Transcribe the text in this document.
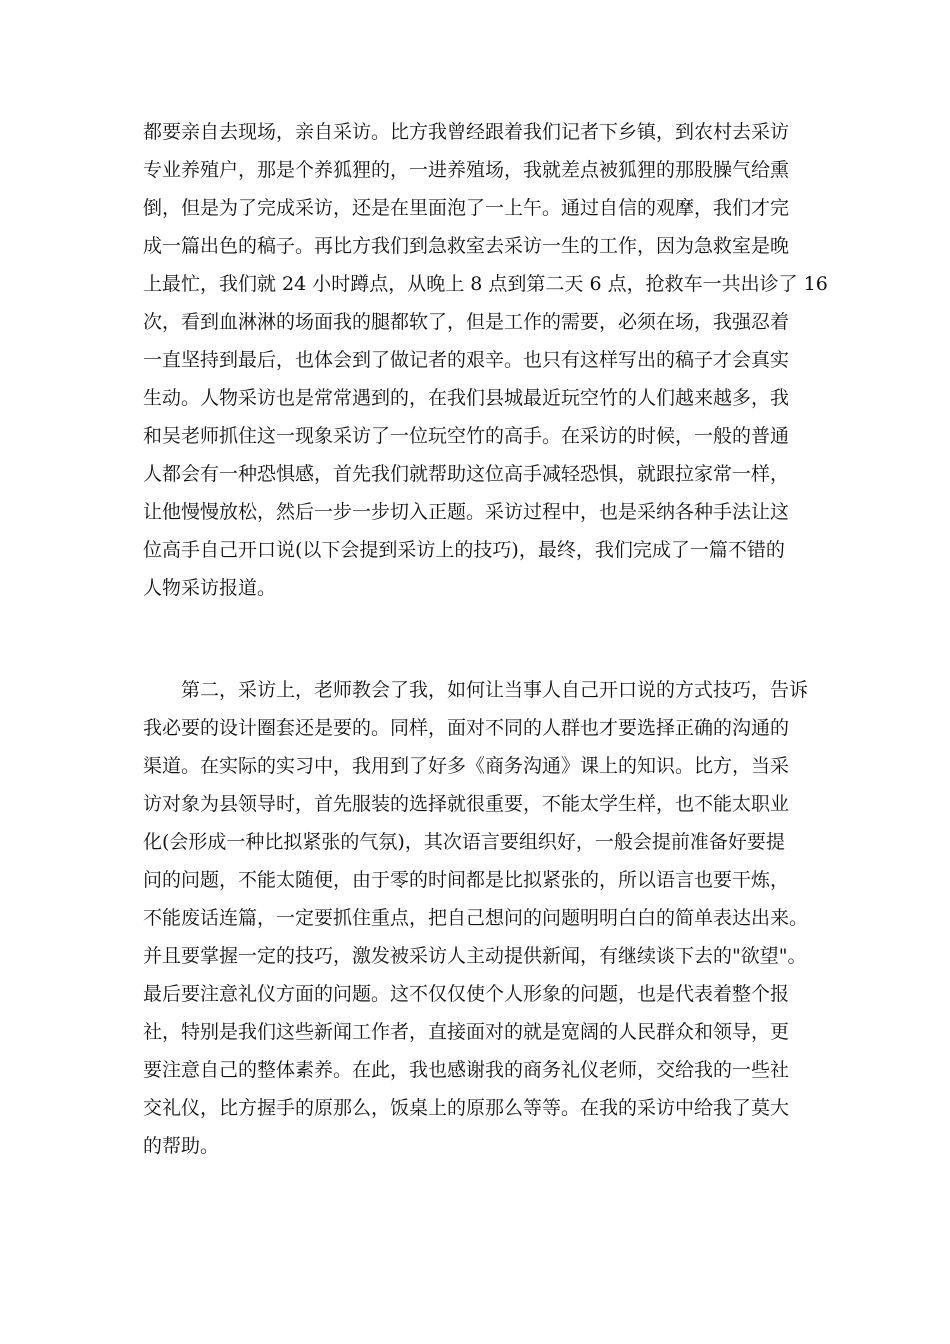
都要亲自去现场，亲自采访。比方我曾经跟着我们记者下乡镇，到农村去采访
专业养殖户，那是个养狐狸的，一进养殖场，我就差点被狐狸的那股臊气给熏
倒，但是为了完成采访，还是在里面泡了一上午。通过自信的观摩，我们才完
成一篇出色的稿子。再比方我们到急救室去采访一生的工作，因为急救室是晚
上最忙，我们就 24 小时蹲点，从晚上 8 点到第二天 6 点，抢救车一共出诊了 16
次，看到血淋淋的场面我的腿都软了，但是工作的需要，必须在场，我强忍着
一直坚持到最后，也体会到了做记者的艰辛。也只有这样写出的稿子才会真实
生动。人物采访也是常常遇到的，在我们县城最近玩空竹的人们越来越多，我
和吴老师抓住这一现象采访了一位玩空竹的高手。在采访的时候，一般的普通
人都会有一种恐惧感，首先我们就帮助这位高手减轻恐惧，就跟拉家常一样，
让他慢慢放松，然后一步一步切入正题。采访过程中，也是采纳各种手法让这
位高手自己开口说(以下会提到采访上的技巧)，最终，我们完成了一篇不错的
人物采访报道。
　　第二，采访上，老师教会了我，如何让当事人自己开口说的方式技巧，告诉
我必要的设计圈套还是要的。同样，面对不同的人群也才要选择正确的沟通的
渠道。在实际的实习中，我用到了好多《商务沟通》课上的知识。比方，当采
访对象为县领导时，首先服装的选择就很重要，不能太学生样，也不能太职业
化(会形成一种比拟紧张的气氛)，其次语言要组织好，一般会提前准备好要提
问的问题，不能太随便，由于零的时间都是比拟紧张的，所以语言也要干炼，
不能废话连篇，一定要抓住重点，把自己想问的问题明明白白的简单表达出来。
并且要掌握一定的技巧，激发被采访人主动提供新闻，有继续谈下去的"欲望"。
最后要注意礼仪方面的问题。这不仅仅使个人形象的问题，也是代表着整个报
社，特别是我们这些新闻工作者，直接面对的就是宽阔的人民群众和领导，更
要注意自己的整体素养。在此，我也感谢我的商务礼仪老师，交给我的一些社
交礼仪，比方握手的原那么，饭桌上的原那么等等。在我的采访中给我了莫大
的帮助。
